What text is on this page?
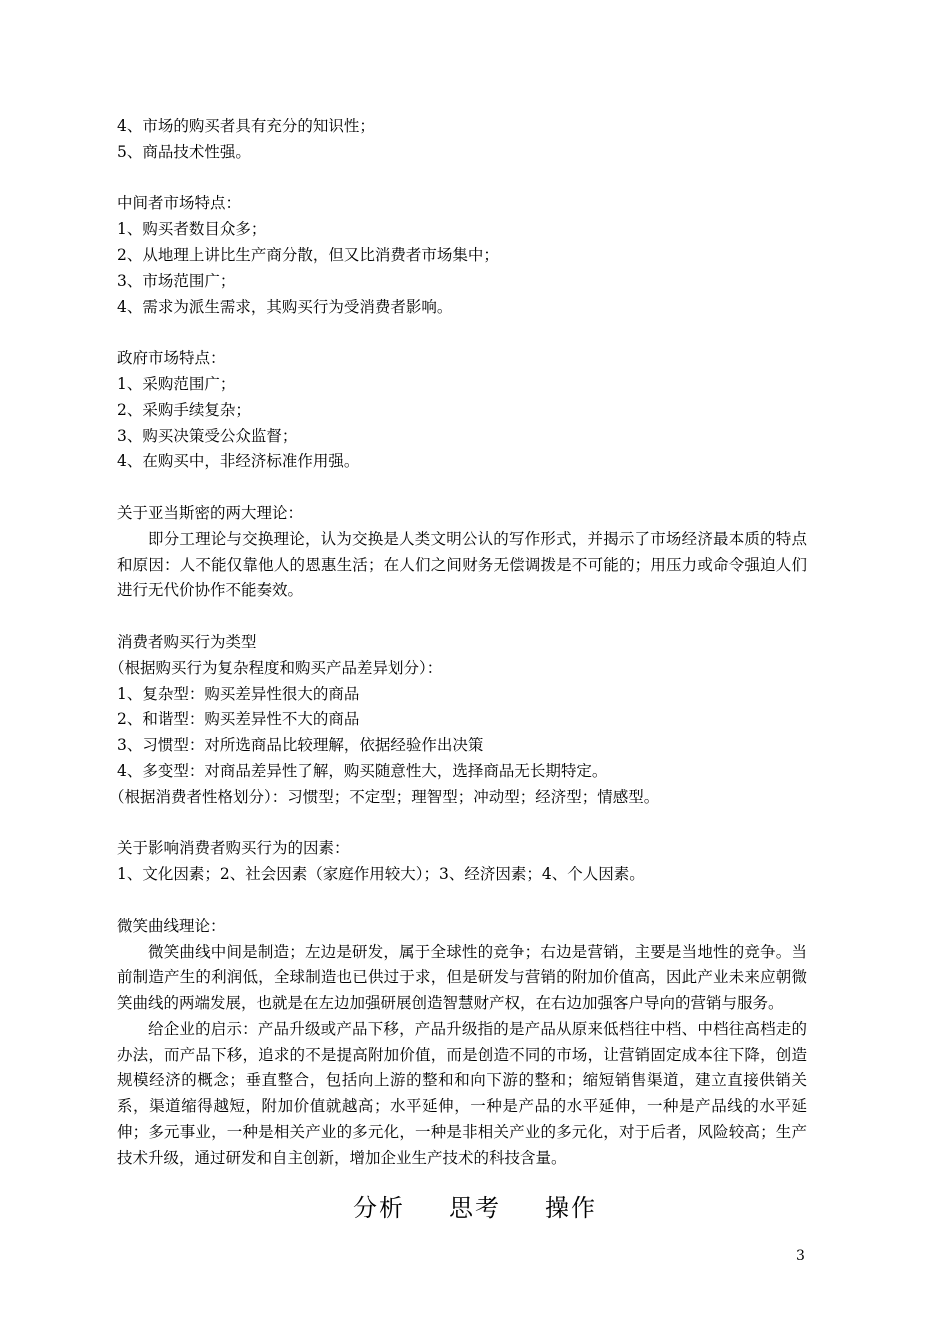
4、市场的购买者具有充分的知识性；
5、商品技术性强。
中间者市场特点：
1、购买者数目众多；
2、从地理上讲比生产商分散，但又比消费者市场集中；
3、市场范围广；
4、需求为派生需求，其购买行为受消费者影响。
政府市场特点：
1、采购范围广；
2、采购手续复杂；
3、购买决策受公众监督；
4、在购买中，非经济标准作用强。
关于亚当斯密的两大理论：
即分工理论与交换理论，认为交换是人类文明公认的写作形式，并揭示了市场经济最本质的特点和原因：人不能仅靠他人的恩惠生活；在人们之间财务无偿调拨是不可能的；用压力或命令强迫人们进行无代价协作不能奏效。
消费者购买行为类型
（根据购买行为复杂程度和购买产品差异划分）：
1、复杂型：购买差异性很大的商品
2、和谐型：购买差异性不大的商品
3、习惯型：对所选商品比较理解，依据经验作出决策
4、多变型：对商品差异性了解，购买随意性大，选择商品无长期特定。
（根据消费者性格划分）：习惯型；不定型；理智型；冲动型；经济型；情感型。
关于影响消费者购买行为的因素：
1、文化因素；2、社会因素（家庭作用较大）；3、经济因素；4、个人因素。
微笑曲线理论：
微笑曲线中间是制造；左边是研发，属于全球性的竞争；右边是营销，主要是当地性的竞争。当前制造产生的利润低，全球制造也已供过于求，但是研发与营销的附加价值高，因此产业未来应朝微笑曲线的两端发展，也就是在左边加强研展创造智慧财产权，在右边加强客户导向的营销与服务。
给企业的启示：产品升级或产品下移，产品升级指的是产品从原来低档往中档、中档往高档走的办法，而产品下移，追求的不是提高附加价值，而是创造不同的市场，让营销固定成本往下降，创造规模经济的概念；垂直整合，包括向上游的整和和向下游的整和；缩短销售渠道，建立直接供销关系，渠道缩得越短，附加价值就越高；水平延伸，一种是产品的水平延伸，一种是产品线的水平延伸；多元事业，一种是相关产业的多元化，一种是非相关产业的多元化，对于后者，风险较高；生产技术升级，通过研发和自主创新，增加企业生产技术的科技含量。
分析 思考 操作
3
